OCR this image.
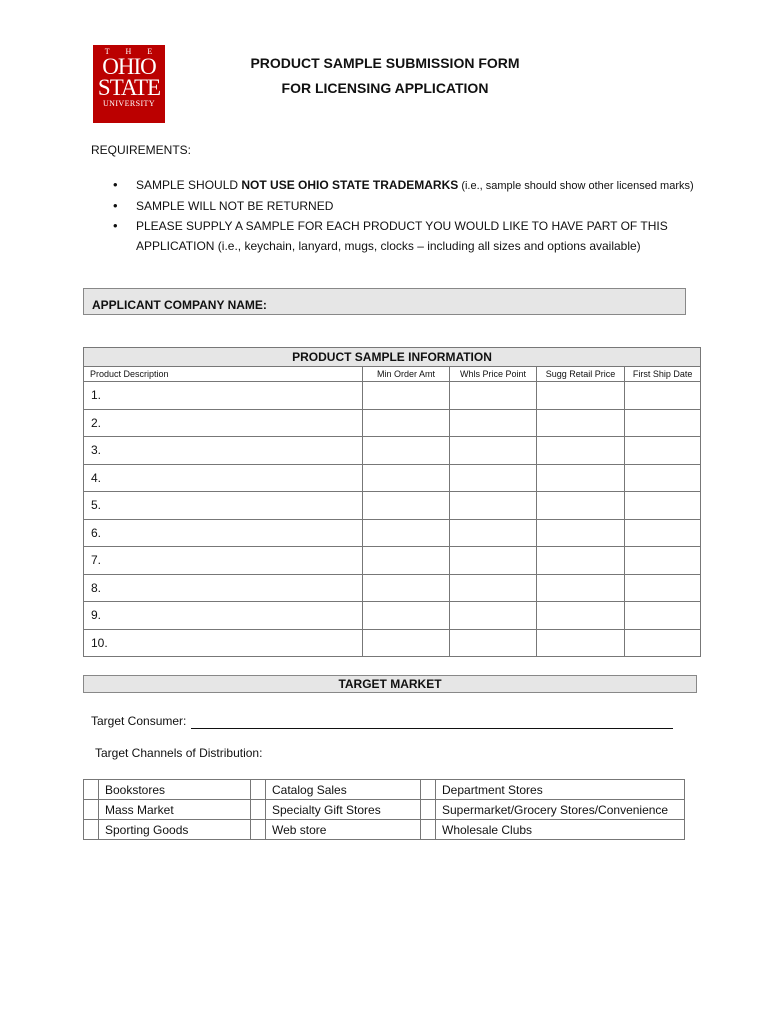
T H E
OHIO
STATE
UNIVERSITY
PRODUCT SAMPLE SUBMISSION FORM
FOR LICENSING APPLICATION
REQUIREMENTS:

• SAMPLE SHOULD NOT USE OHIO STATE TRADEMARKS (i.e., sample should show other licensed marks)

• SAMPLE WILL NOT BE RETURNED

• PLEASE SUPPLY A SAMPLE FOR EACH PRODUCT YOU WOULD LIKE TO HAVE PART OF THIS APPLICATION (i.e., keychain, lanyard, mugs, clocks – including all sizes and options available)

APPLICANT COMPANY NAME:
PRODUCT SAMPLE INFORMATION				
Product Description	Min Order Amt	Whls Price Point	Sugg Retail Price	First Ship Date
1.				
2.				
3.				
4.				
5.				
6.				
7.				
8.				
9.				
10.				
TARGET MARKET
Target Consumer:
Target Channels of Distribution:
	Bookstores		Catalog Sales		Department Stores
	Mass Market		Specialty Gift Stores		Supermarket/Grocery Stores/Convenience
	Sporting Goods		Web store		Wholesale Clubs
